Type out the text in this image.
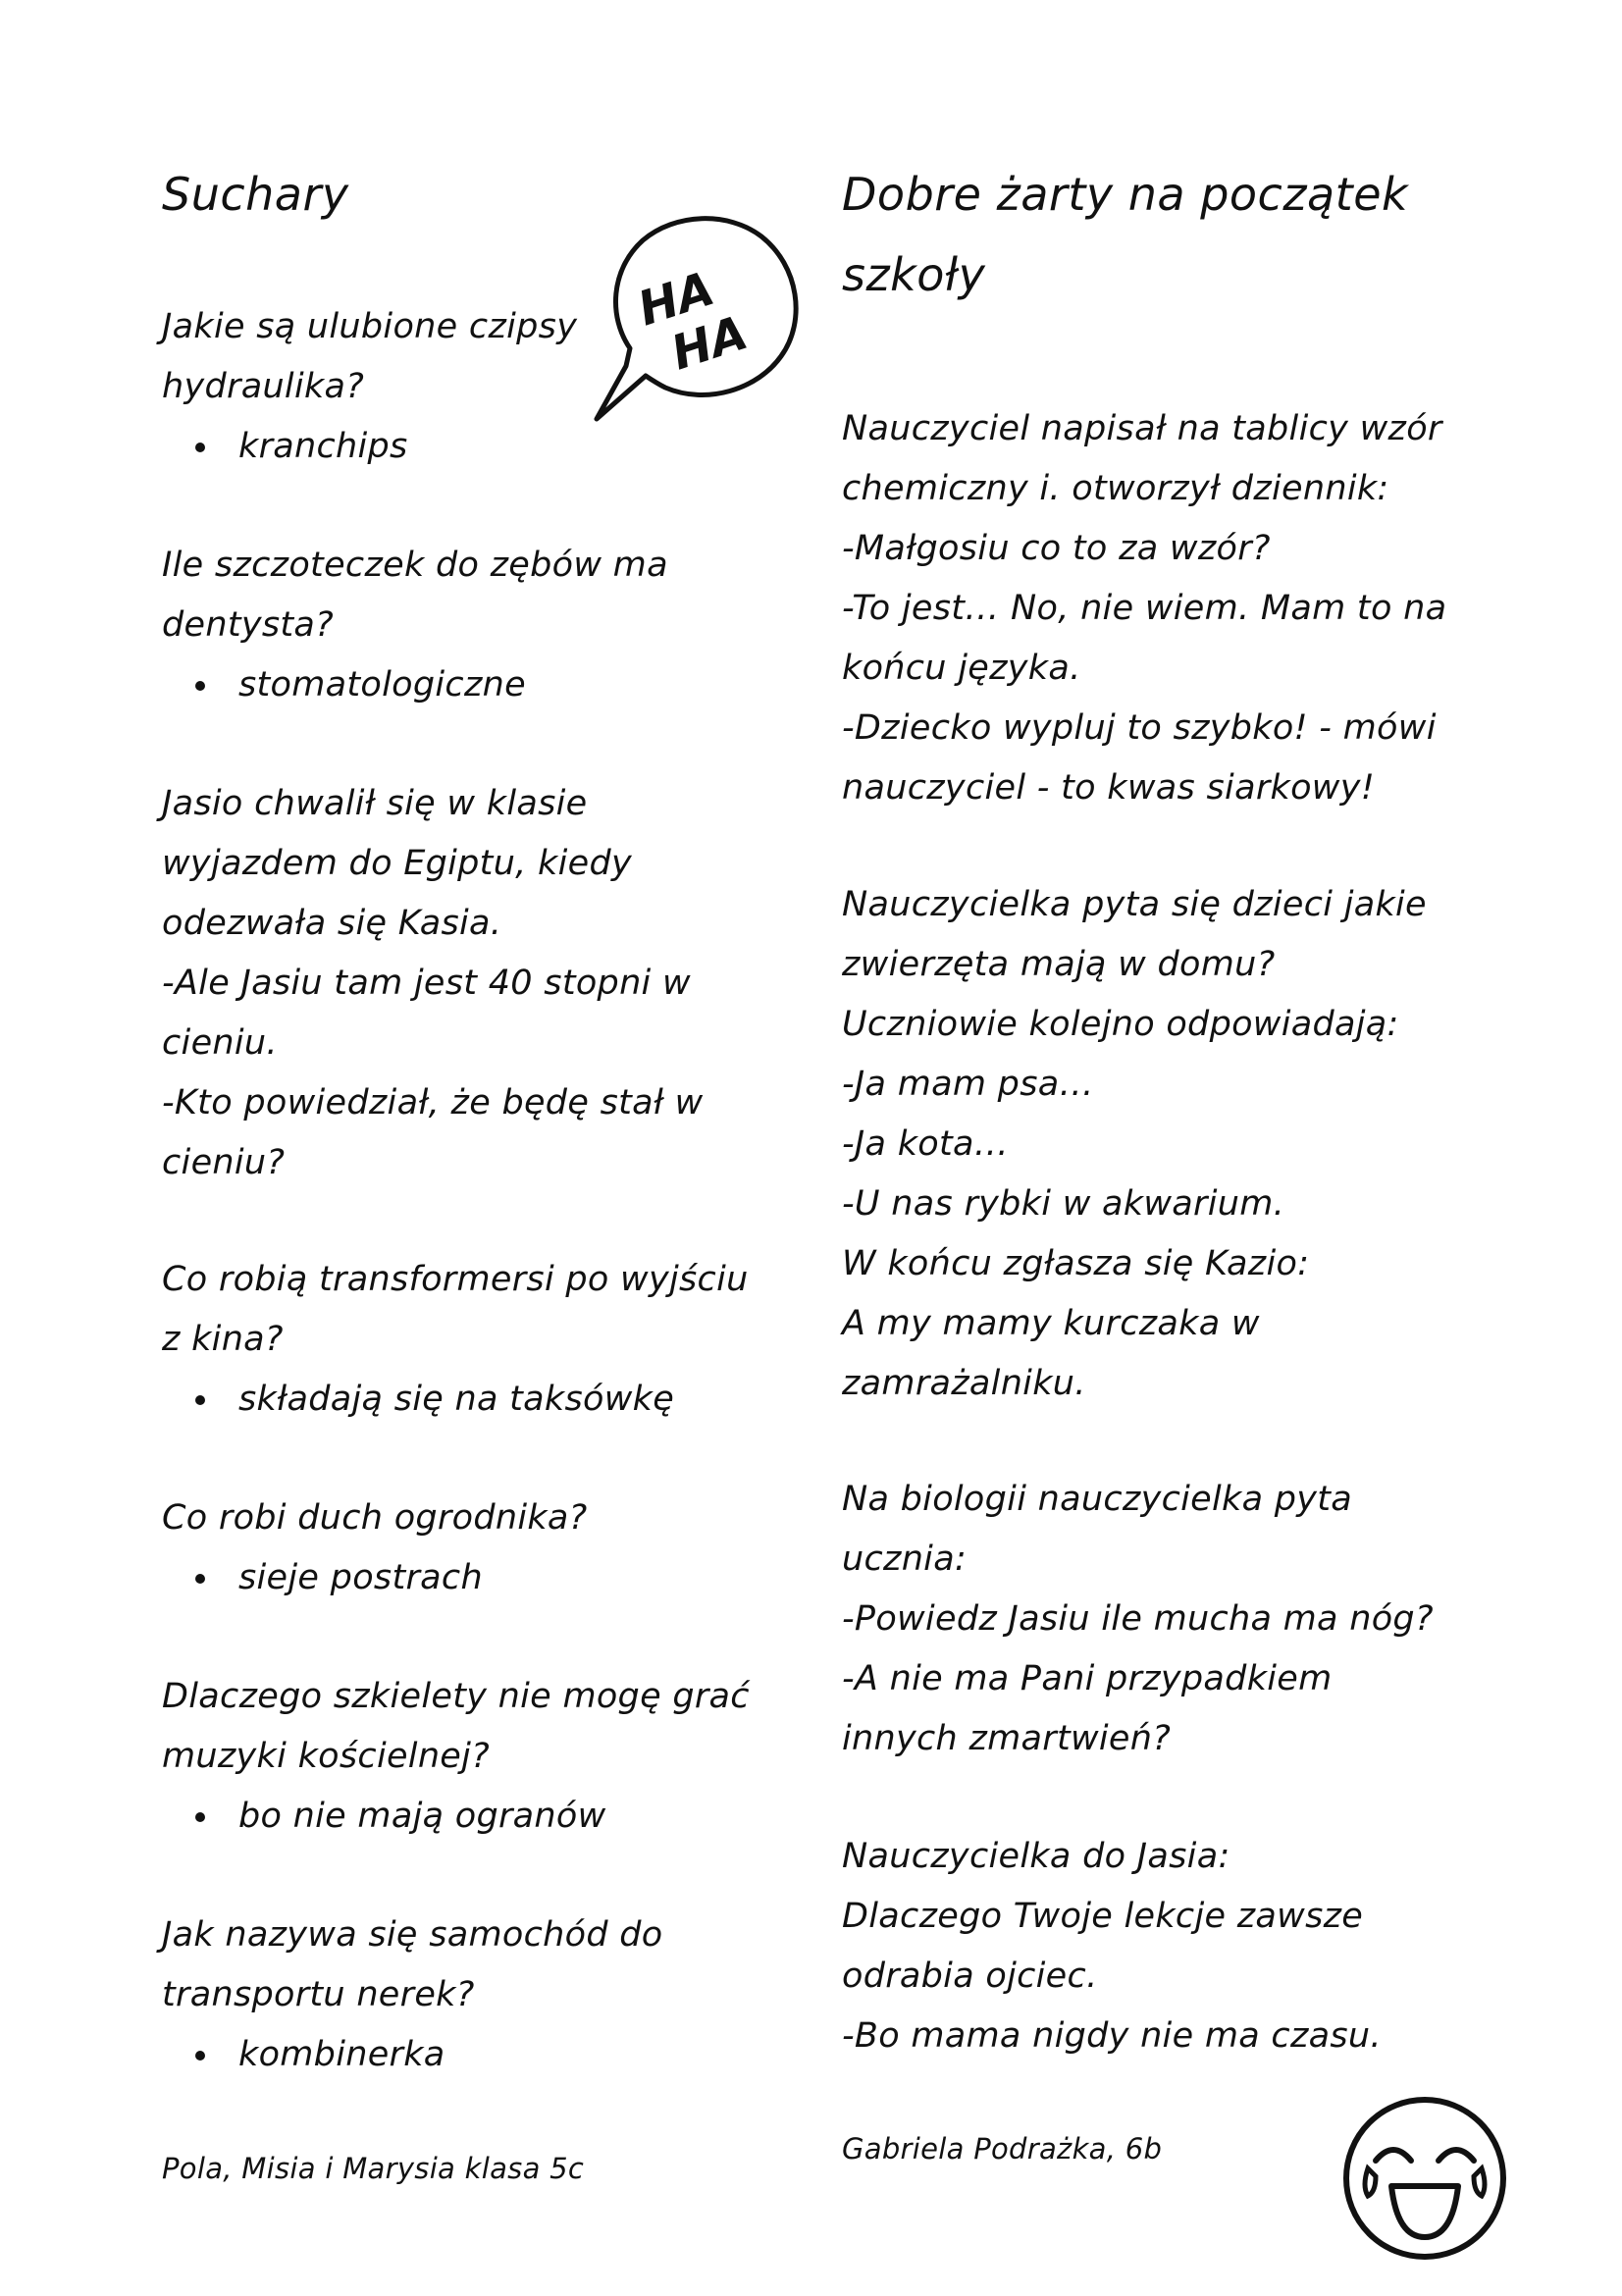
Suchary

Jakie są ulubione czipsy

hydraulika?

kranchips

Ile szczoteczek do zębów ma

dentysta?

stomatologiczne

Jasio chwalił się w klasie

wyjazdem do Egiptu, kiedy

odezwała się Kasia.

-Ale Jasiu tam jest 40 stopni w

cieniu.

-Kto powiedział, że będę stał w

cieniu?

Co robią transformersi po wyjściu

z kina?

składają się na taksówkę

Co robi duch ogrodnika?

sieje postrach

Dlaczego szkielety nie mogę grać

muzyki kościelnej?

bo nie mają ogranów

Jak nazywa się samochód do

transportu nerek?

kombinerka

Pola, Misia i Marysia klasa 5c
Dobre żarty na początek
szkoły

Nauczyciel napisał na tablicy wzór

chemiczny i. otworzył dziennik:

-Małgosiu co to za wzór?

-To jest… No, nie wiem. Mam to na

końcu języka.

-Dziecko wypluj to szybko! - mówi

nauczyciel - to kwas siarkowy!

Nauczycielka pyta się dzieci jakie

zwierzęta mają w domu?

Uczniowie kolejno odpowiadają:

-Ja mam psa…

-Ja kota…

-U nas rybki w akwarium.

W końcu zgłasza się Kazio:

A my mamy kurczaka w

zamrażalniku.

Na biologii nauczycielka pyta

ucznia:

-Powiedz Jasiu ile mucha ma nóg?

-A nie ma Pani przypadkiem

innych zmartwień?

Nauczycielka do Jasia:

Dlaczego Twoje lekcje zawsze

odrabia ojciec.

-Bo mama nigdy nie ma czasu.

Gabriela Podrażka, 6b
HA
HA
